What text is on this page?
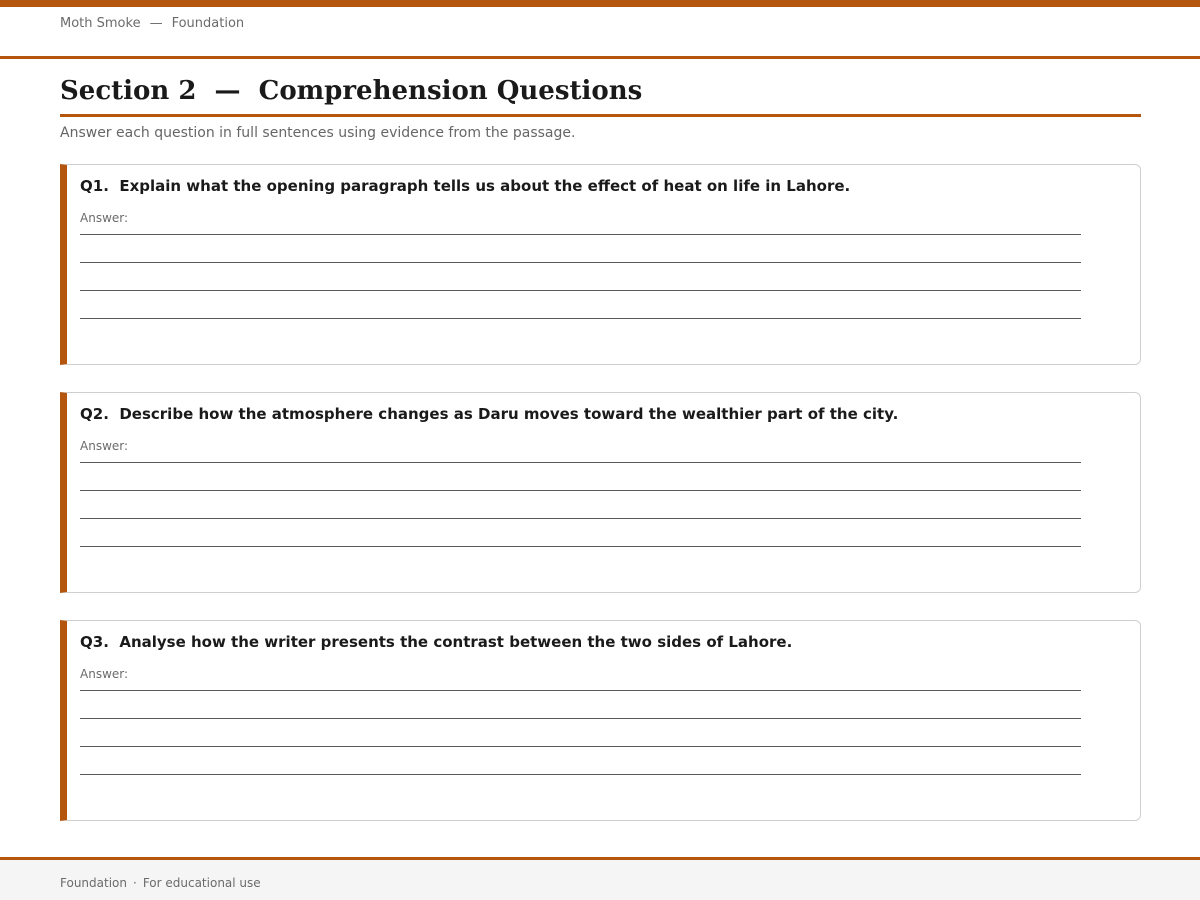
Moth Smoke — Foundation
Section 2  —  Comprehension Questions
Answer each question in full sentences using evidence from the passage.
Q1. Explain what the opening paragraph tells us about the effect of heat on life in Lahore.
Answer:
Q2. Describe how the atmosphere changes as Daru moves toward the wealthier part of the city.
Answer:
Q3. Analyse how the writer presents the contrast between the two sides of Lahore.
Answer:
Foundation · For educational use
